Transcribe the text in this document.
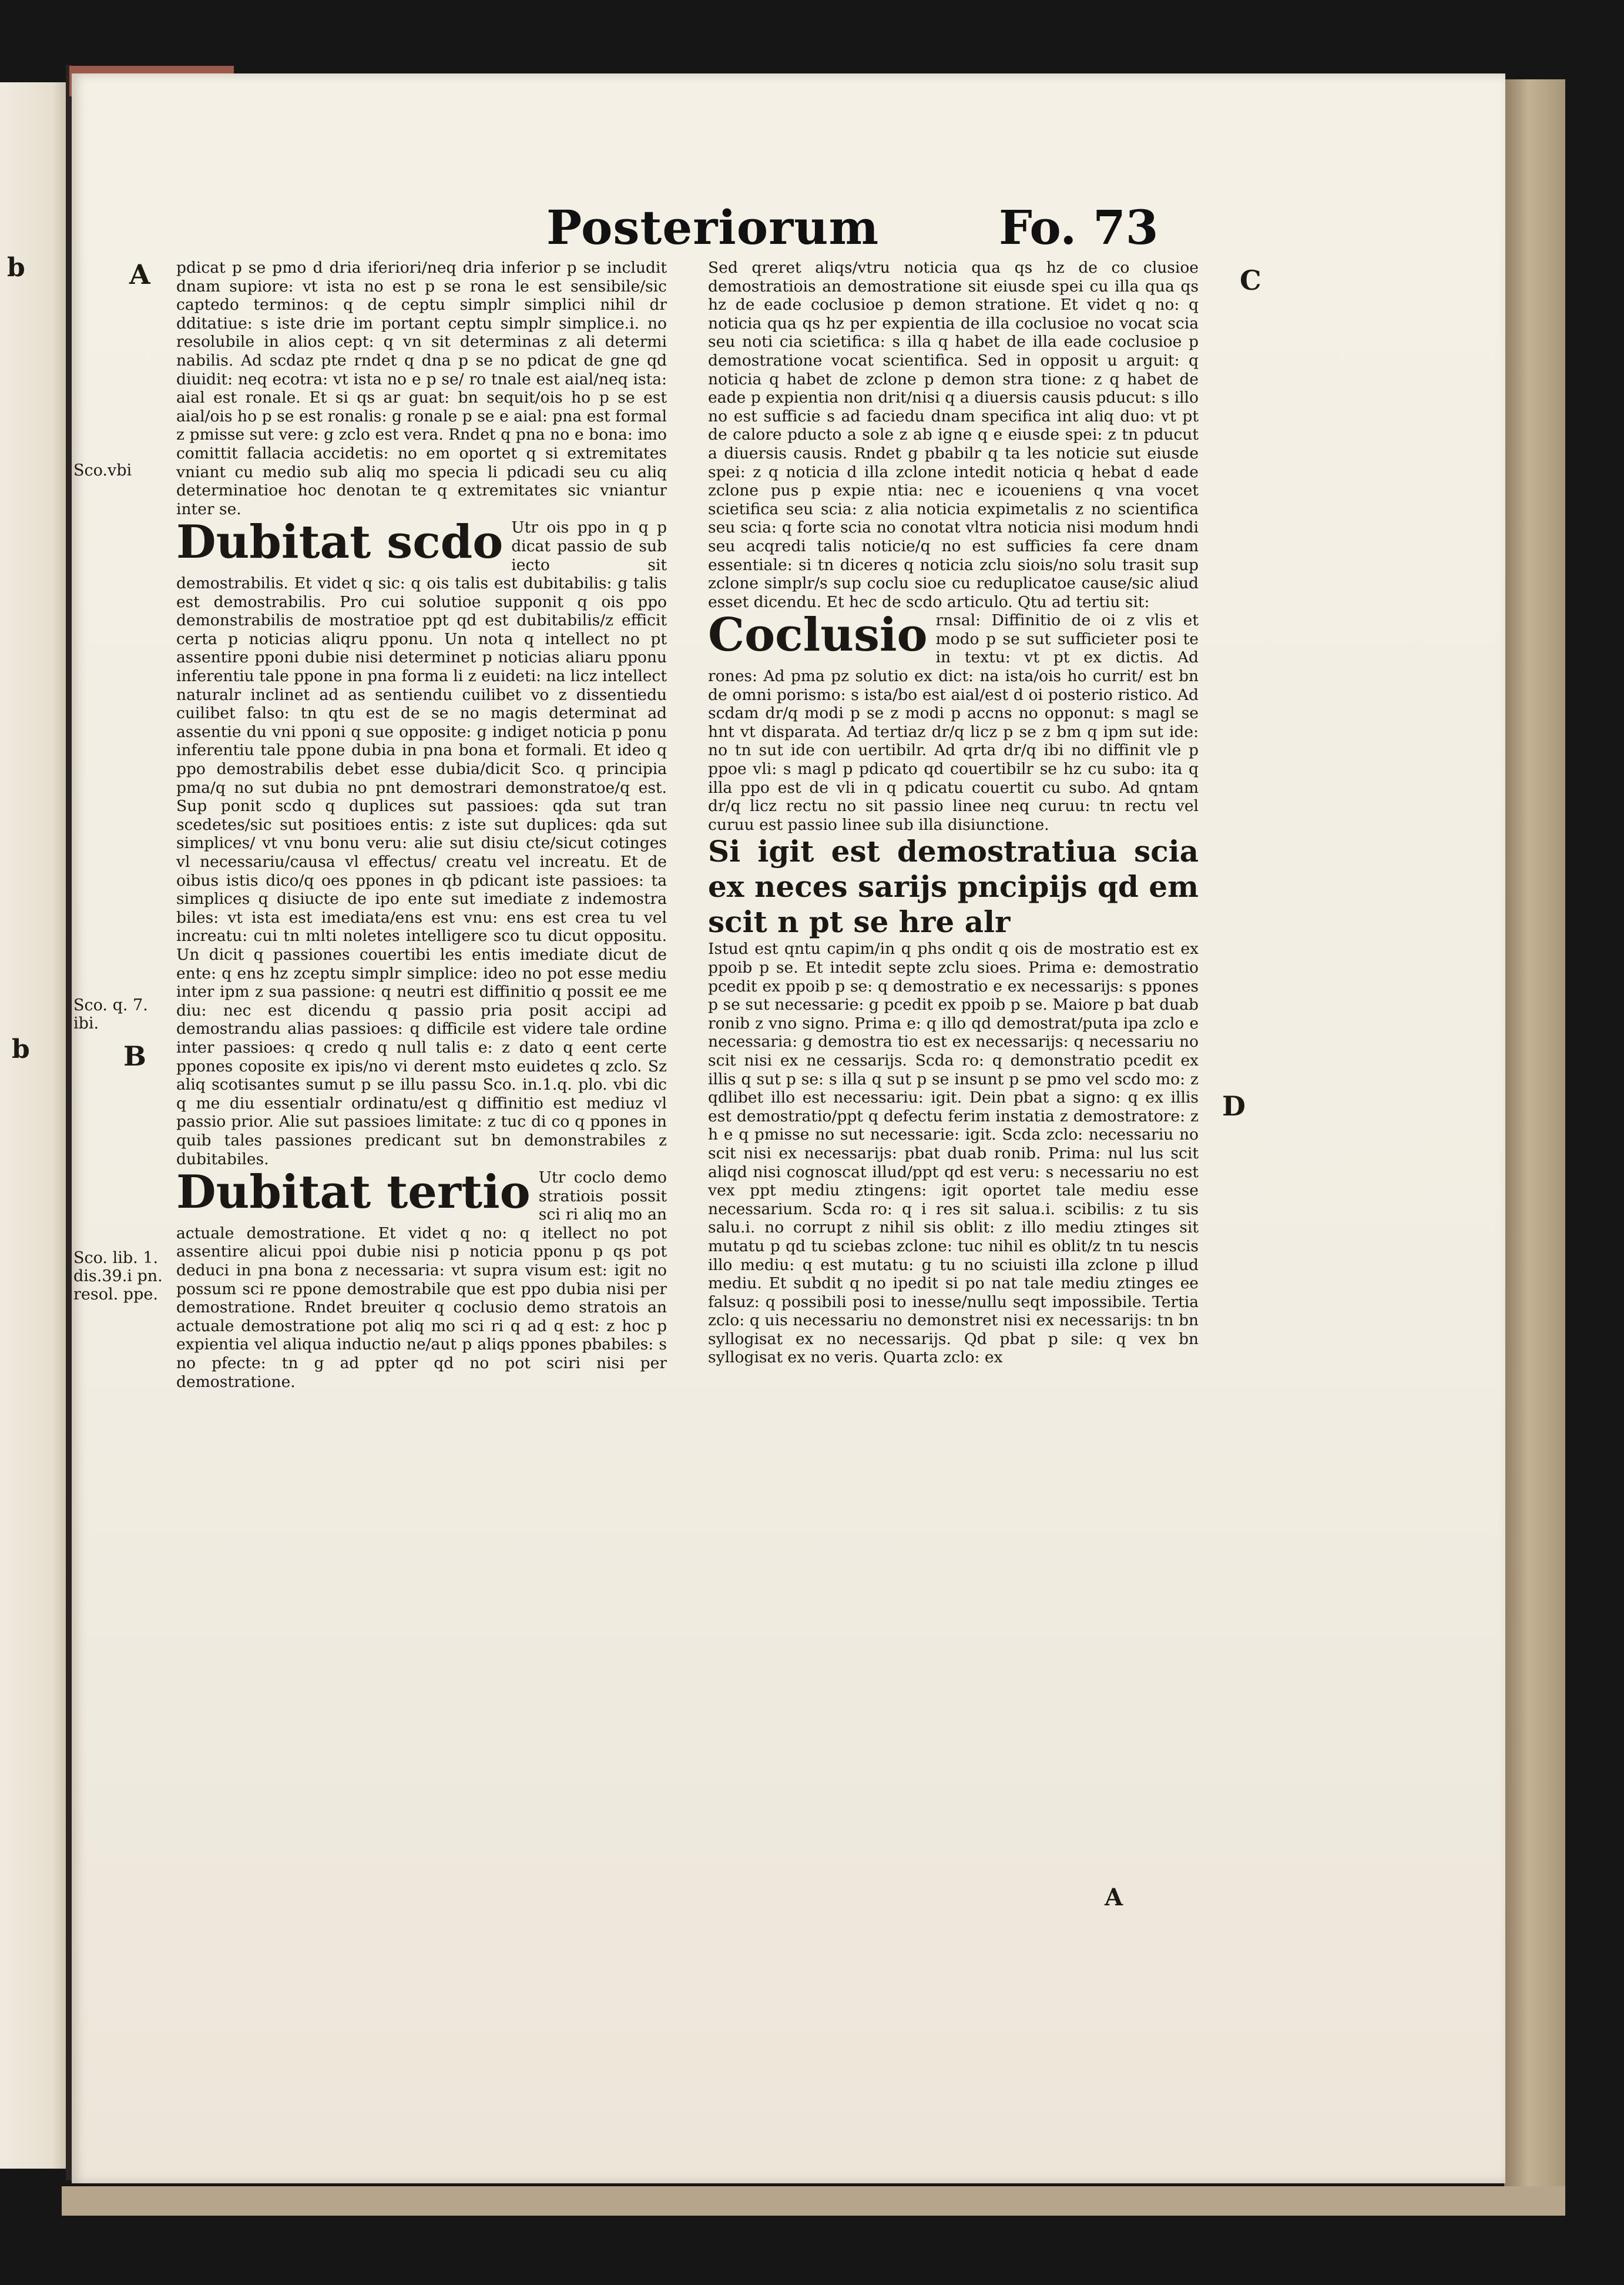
b
b
Posteriorum	Fo. 73
A
B
C
D
Sco.vbi
Sco. q. 7. ibi.
Sco. lib. 1. dis.39.i pn. resol. ppe.

pdicat p se pmo d dria iferiori/neq dria inferior p se includit dnam supiore: vt ista no est p se rona le est sensibile/sic captedo terminos: q de ceptu simplr simplici nihil dr dditatiue: s iste drie im portant ceptu simplr simplice.i. no resolubile in alios cept: q vn sit determinas z ali determi nabilis. Ad scdaz pte rndet q dna p se no pdicat de gne qd diuidit: neq ecotra: vt ista no e p se/ ro tnale est aial/neq ista: aial est ronale. Et si qs ar guat: bn sequit/ois ho p se est aial/ois ho p se est ronalis: g ronale p se e aial: pna est formal z pmisse sut vere: g zclo est vera. Rndet q pna no e bona: imo comittit fallacia accidetis: no em oportet q si extremitates vniant cu medio sub aliq mo specia li pdicadi seu cu aliq determinatioe hoc denotan te q extremitates sic vniantur inter se.

Dubitat scdo Utr ois ppo in q p dicat passio de sub iecto sit demostrabilis. Et videt q sic: q ois talis est dubitabilis: g talis est demostrabilis. Pro cui solutioe supponit q ois ppo demonstrabilis de mostratioe ppt qd est dubitabilis/z efficit certa p noticias aliqru pponu. Un nota q intellect no pt assentire pponi dubie nisi determinet p noticias aliaru pponu inferentiu tale ppone in pna forma li z euideti: na licz intellect naturalr inclinet ad as sentiendu cuilibet vo z dissentiedu cuilibet falso: tn qtu est de se no magis determinat ad assentie du vni pponi q sue opposite: g indiget noticia p ponu inferentiu tale ppone dubia in pna bona et formali. Et ideo q ppo demostrabilis debet esse dubia/dicit Sco. q principia pma/q no sut dubia no pnt demostrari demonstratoe/q est. Sup ponit scdo q duplices sut passioes: qda sut tran scedetes/sic sut positioes entis: z iste sut duplices: qda sut simplices/ vt vnu bonu veru: alie sut disiu cte/sicut cotinges vl necessariu/causa vl effectus/ creatu vel increatu. Et de oibus istis dico/q oes ppones in qb pdicant iste passioes: ta simplices q disiucte de ipo ente sut imediate z indemostra biles: vt ista est imediata/ens est vnu: ens est crea tu vel increatu: cui tn mlti noletes intelligere sco tu dicut oppositu. Un dicit q passiones couertibi les entis imediate dicut de ente: q ens hz zceptu simplr simplice: ideo no pot esse mediu inter ipm z sua passione: q neutri est diffinitio q possit ee me diu: nec est dicendu q passio pria posit accipi ad demostrandu alias passioes: q difficile est videre tale ordine inter passioes: q credo q null talis e: z dato q eent certe ppones coposite ex ipis/no vi derent msto euidetes q zclo. Sz aliq scotisantes sumut p se illu passu Sco. in.1.q. plo. vbi dic q me diu essentialr ordinatu/est q diffinitio est mediuz vl passio prior. Alie sut passioes limitate: z tuc di co q ppones in quib tales passiones predicant sut bn demonstrabiles z dubitabiles.
Dubitat tertio Utr coclo demo stratiois possit sci ri aliq mo an actuale demostratione. Et videt q no: q itellect no pot assentire alicui ppoi dubie nisi p noticia pponu p qs pot deduci in pna bona z necessaria: vt supra visum est: igit no possum sci re ppone demostrabile que est ppo dubia nisi per demostratione. Rndet breuiter q coclusio demo stratois an actuale demostratione pot aliq mo sci ri q ad q est: z hoc p expientia vel aliqua inductio ne/aut p aliqs ppones pbabiles: s no pfecte: tn g ad ppter qd no pot sciri nisi per demostratione.

Sed qreret aliqs/vtru noticia qua qs hz de co clusioe demostratiois an demostratione sit eiusde spei cu illa qua qs hz de eade coclusioe p demon stratione. Et videt q no: q noticia qua qs hz per expientia de illa coclusioe no vocat scia seu noti cia scietifica: s illa q habet de illa eade coclusioe p demostratione vocat scientifica. Sed in opposit u arguit: q noticia q habet de zclone p demon stra tione: z q habet de eade p expientia non drit/nisi q a diuersis causis pducut: s illo no est sufficie s ad faciedu dnam specifica int aliq duo: vt pt de calore pducto a sole z ab igne q e eiusde spei: z tn pducut a diuersis causis. Rndet g pbabilr q ta les noticie sut eiusde spei: z q noticia d illa zclone intedit noticia q hebat d eade zclone pus p expie ntia: nec e icoueniens q vna vocet scietifica seu scia: z alia noticia expimetalis z no scientifica seu scia: q forte scia no conotat vltra noticia nisi modum hndi seu acqredi talis noticie/q no est sufficies fa cere dnam essentiale: si tn diceres q noticia zclu siois/no solu trasit sup zclone simplr/s sup coclu sioe cu reduplicatoe cause/sic aliud esset dicendu. Et hec de scdo articulo. Qtu ad tertiu sit:

Coclusio rnsal: Diffinitio de oi z vlis et modo p se sut sufficieter posi te in textu: vt pt ex dictis. Ad rones: Ad pma pz solutio ex dict: na ista/ois ho currit/ est bn de omni porismo: s ista/bo est aial/est d oi posterio ristico. Ad scdam dr/q modi p se z modi p accns no opponut: s magl se hnt vt disparata. Ad tertiaz dr/q licz p se z bm q ipm sut ide: no tn sut ide con uertibilr. Ad qrta dr/q ibi no diffinit vle p ppoe vli: s magl p pdicato qd couertibilr se hz cu subo: ita q illa ppo est de vli in q pdicatu couertit cu subo. Ad qntam dr/q licz rectu no sit passio linee neq curuu: tn rectu vel curuu est passio linee sub illa disiunctione.

Si igit est demostratiua scia ex neces sarijs pncipijs qd em scit n pt se hre alr

Istud est qntu capim/in q phs ondit q ois de mostratio est ex ppoib p se. Et intedit septe zclu sioes. Prima e: demostratio pcedit ex ppoib p se: q demostratio e ex necessarijs: s ppones p se sut necessarie: g pcedit ex ppoib p se. Maiore p bat duab ronib z vno signo. Prima e: q illo qd demostrat/puta ipa zclo e necessaria: g demostra tio est ex necessarijs: q necessariu no scit nisi ex ne cessarijs. Scda ro: q demonstratio pcedit ex illis q sut p se: s illa q sut p se insunt p se pmo vel scdo mo: z qdlibet illo est necessariu: igit. Dein pbat a signo: q ex illis est demostratio/ppt q defectu ferim instatia z demostratore: z h e q pmisse no sut necessarie: igit. Scda zclo: necessariu no scit nisi ex necessarijs: pbat duab ronib. Prima: nul lus scit aliqd nisi cognoscat illud/ppt qd est veru: s necessariu no est vex ppt mediu ztingens: igit oportet tale mediu esse necessarium. Scda ro: q i res sit salua.i. scibilis: z tu sis salu.i. no corrupt z nihil sis oblit: z illo mediu ztinges sit mutatu p qd tu sciebas zclone: tuc nihil es oblit/z tn tu nescis illo mediu: q est mutatu: g tu no sciuisti illa zclone p illud mediu. Et subdit q no ipedit si po nat tale mediu ztinges ee falsuz: q possibili posi to inesse/nullu seqt impossibile. Tertia zclo: q uis necessariu no demonstret nisi ex necessarijs: tn bn syllogisat ex no necessarijs. Qd pbat p sile: q vex bn syllogisat ex no veris. Quarta zclo: ex

A
